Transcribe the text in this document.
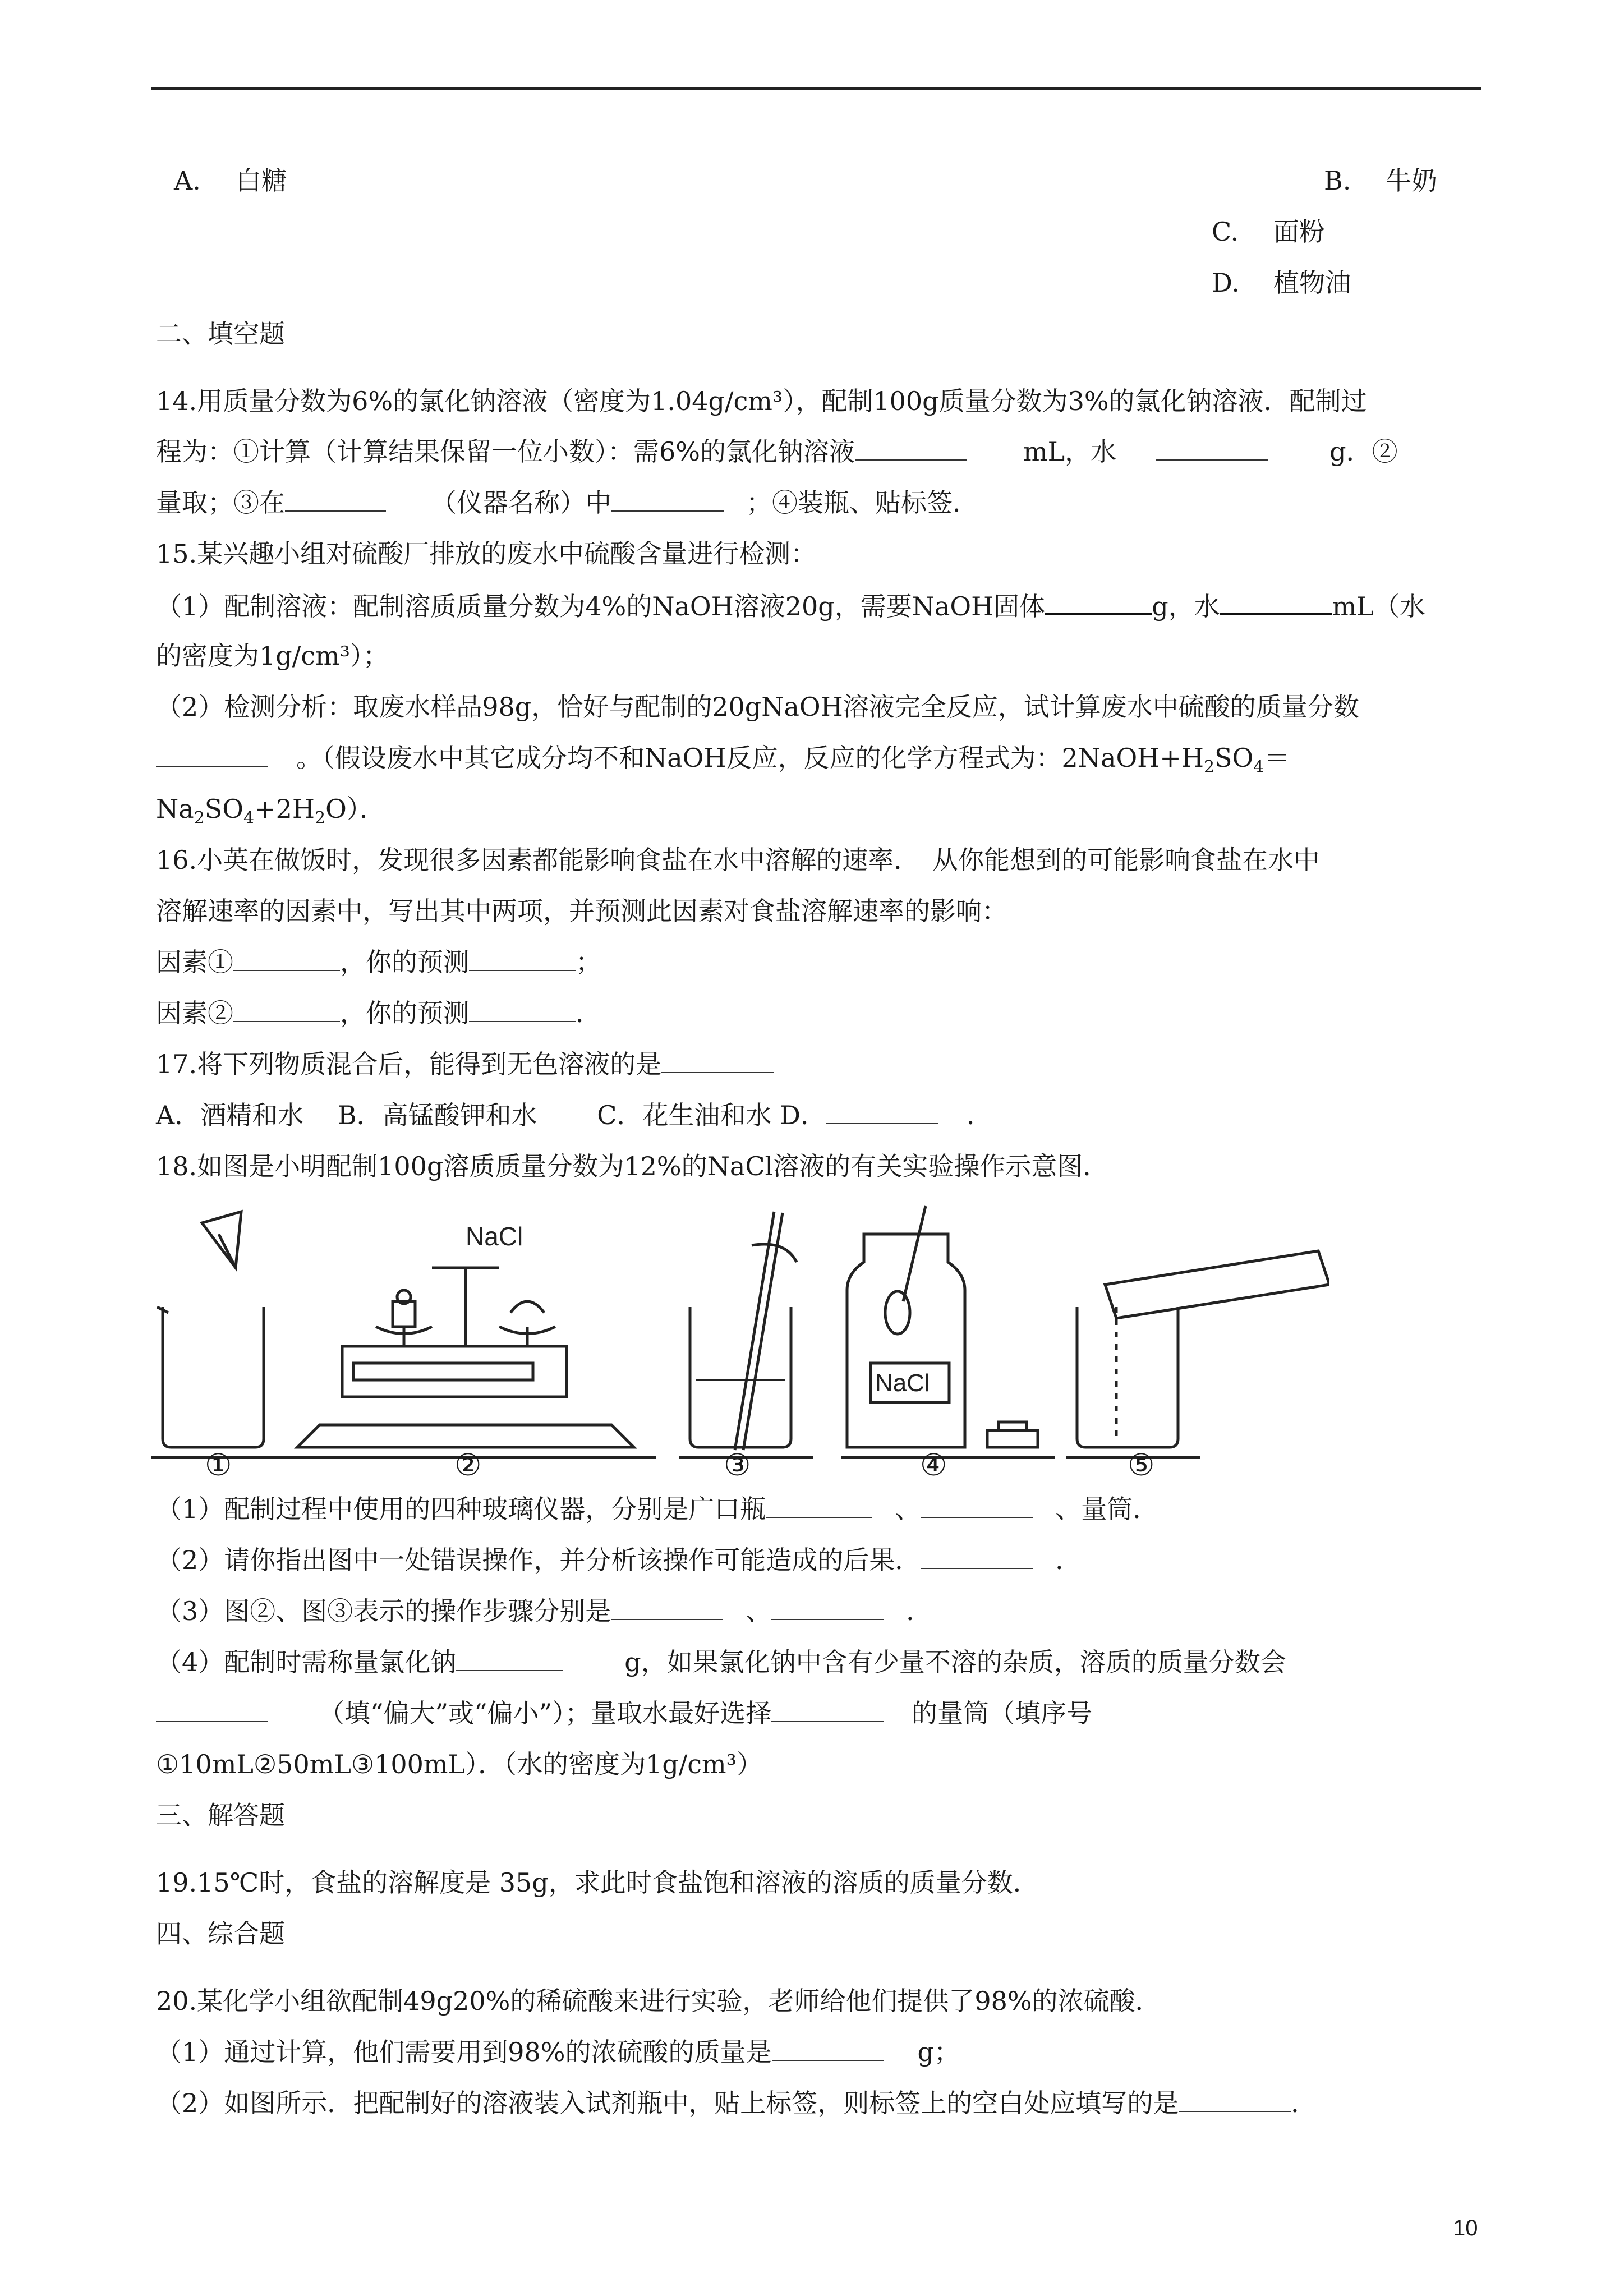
A. 白糖	B. 牛奶
C. 面粉
D. 植物油
二、填空题
14.用质量分数为6%的氯化钠溶液（密度为1.04g/cm³），配制100g质量分数为3%的氯化钠溶液．配制过
程为：①计算（计算结果保留一位小数）：需6%的氯化钠溶液	mL，水	g．②
量取；③在	（仪器名称）中	；④装瓶、贴标签．
15.某兴趣小组对硫酸厂排放的废水中硫酸含量进行检测：
（1）配制溶液：配制溶质质量分数为4%的NaOH溶液20g，需要NaOH固体	g，水	mL（水
的密度为1g/cm³）；
（2）检测分析：取废水样品98g，恰好与配制的20gNaOH溶液完全反应，试计算废水中硫酸的质量分数
。（假设废水中其它成分均不和NaOH反应，反应的化学方程式为：$2NaOH+H_2SO_4=$
$Na_2SO_4+2H_2O$）．
16.小英在做饭时，发现很多因素都能影响食盐在水中溶解的速率．　从你能想到的可能影响食盐在水中
溶解速率的因素中，写出其中两项，并预测此因素对食盐溶解速率的影响：
因素①	，你的预测	；
因素②	，你的预测	．
17.将下列物质混合后，能得到无色溶液的是
A．酒精和水　 B．高锰酸钾和水　　 C．花生油和水 D．	．
18.如图是小明配制100g溶质质量分数为12%的NaCl溶液的有关实验操作示意图．
NaCl
NaCl
①	②	③	④	⑤
（1）配制过程中使用的四种玻璃仪器，分别是广口瓶	、	、量筒．
（2）请你指出图中一处错误操作，并分析该操作可能造成的后果．	．
（3）图②、图③表示的操作步骤分别是	、	．
（4）配制时需称量氯化钠	g，如果氯化钠中含有少量不溶的杂质，溶质的质量分数会
（填“偏大”或“偏小”）；量取水最好选择	的量筒（填序号
①10mL②50mL③100mL）．（水的密度为1g/cm³）
三、解答题
19.15℃时，食盐的溶解度是 35g，求此时食盐饱和溶液的溶质的质量分数．
四、综合题
20.某化学小组欲配制49g20%的稀硫酸来进行实验，老师给他们提供了98%的浓硫酸．
（1）通过计算，他们需要用到98%的浓硫酸的质量是	g；
（2）如图所示．把配制好的溶液装入试剂瓶中，贴上标签，则标签上的空白处应填写的是	．
10
